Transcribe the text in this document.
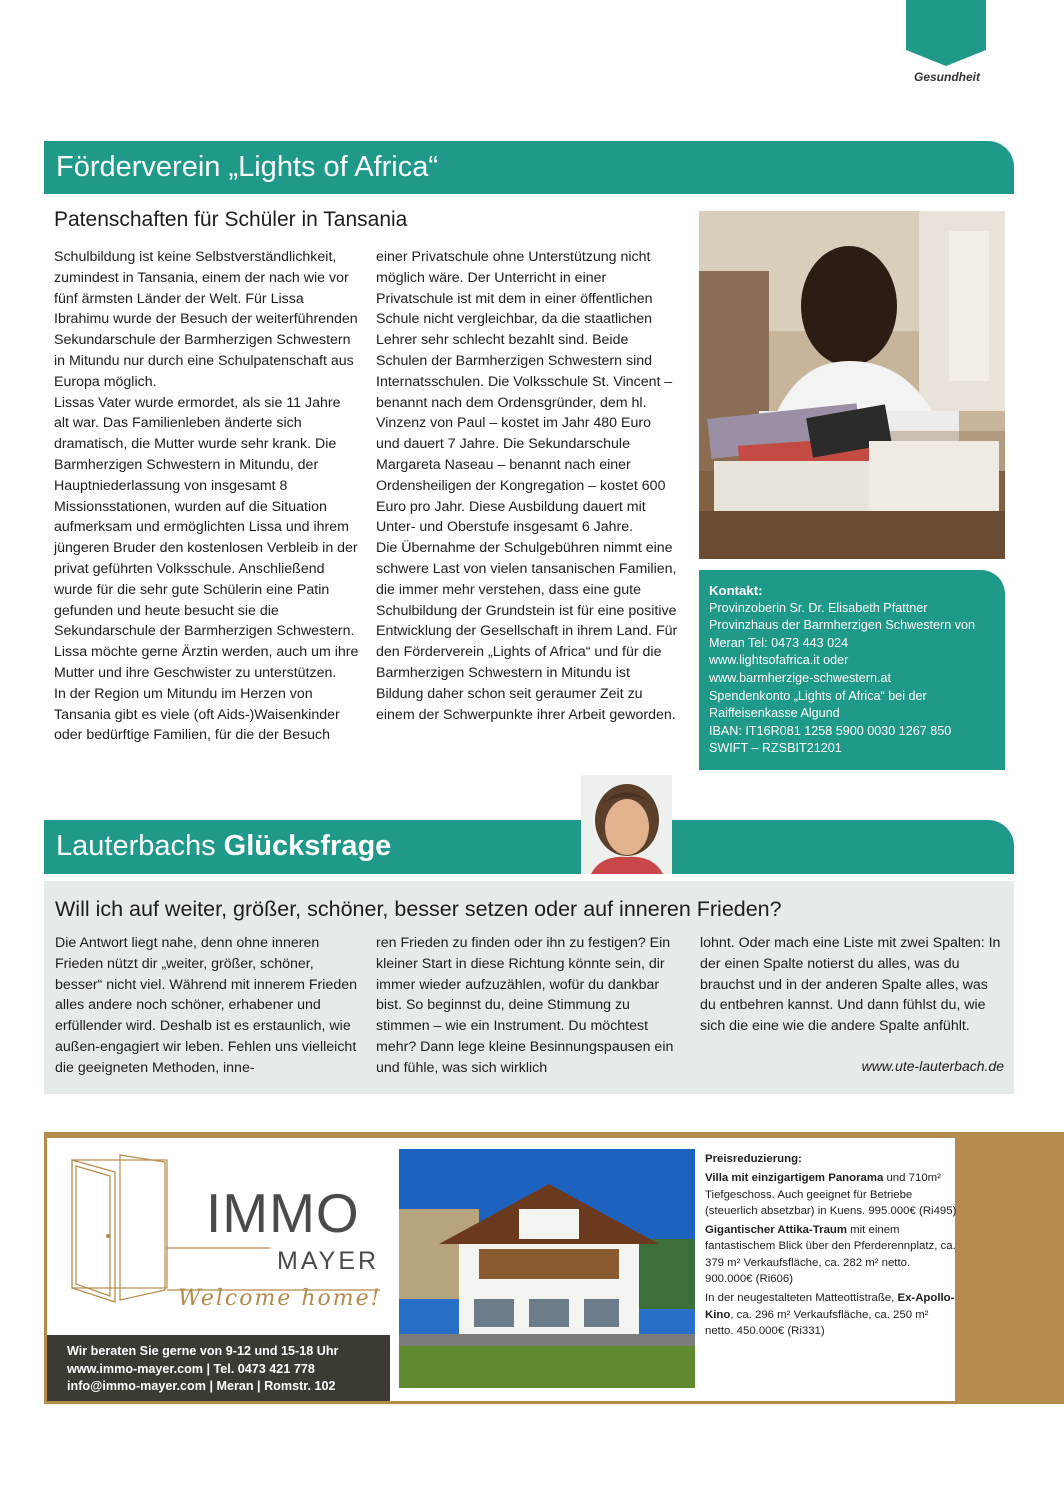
Gesundheit
Förderverein „Lights of Africa“
Patenschaften für Schüler in Tansania

Schulbildung ist keine Selbstverständlichkeit, zumindest in Tansania, einem der nach wie vor fünf ärmsten Länder der Welt. Für Lissa Ibrahimu wurde der Besuch der weiterführenden Sekundarschule der Barmherzigen Schwestern in Mitundu nur durch eine Schulpatenschaft aus Europa möglich.

Lissas Vater wurde ermordet, als sie 11 Jahre alt war. Das Familienleben änderte sich dramatisch, die Mutter wurde sehr krank. Die Barmherzigen Schwestern in Mitundu, der Hauptniederlassung von insgesamt 8 Missionsstationen, wurden auf die Situation aufmerksam und ermöglichten Lissa und ihrem jüngeren Bruder den kostenlosen Verbleib in der privat geführten Volksschule. Anschließend wurde für die sehr gute Schülerin eine Patin gefunden und heute besucht sie die Sekundarschule der Barmherzigen Schwestern. Lissa möchte gerne Ärztin werden, auch um ihre Mutter und ihre Geschwister zu unterstützen.

In der Region um Mitundu im Herzen von Tansania gibt es viele (oft Aids-)Waisenkinder oder bedürftige Familien, für die der Besuch

einer Privatschule ohne Unterstützung nicht möglich wäre. Der Unterricht in einer Privatschule ist mit dem in einer öffentlichen Schule nicht vergleichbar, da die staatlichen Lehrer sehr schlecht bezahlt sind. Beide Schulen der Barmherzigen Schwestern sind Internatsschulen. Die Volksschule St. Vincent – benannt nach dem Ordensgründer, dem hl. Vinzenz von Paul – kostet im Jahr 480 Euro und dauert 7 Jahre. Die Sekundarschule Margareta Naseau – benannt nach einer Ordensheiligen der Kongregation – kostet 600 Euro pro Jahr. Diese Ausbildung dauert mit Unter- und Oberstufe insgesamt 6 Jahre.

Die Übernahme der Schulgebühren nimmt eine schwere Last von vielen tansanischen Familien, die immer mehr verstehen, dass eine gute Schulbildung der Grundstein ist für eine positive Entwicklung der Gesellschaft in ihrem Land. Für den Förderverein „Lights of Africa“ und für die Barmherzigen Schwestern in Mitundu ist Bildung daher schon seit geraumer Zeit zu einem der Schwerpunkte ihrer Arbeit geworden.

Kontakt:
Provinzoberin Sr. Dr. Elisabeth Pfattner
Provinzhaus der Barmherzigen Schwestern von Meran Tel: 0473 443 024
www.lightsofafrica.it oder
www.barmherzige-schwestern.at
Spendenkonto „Lights of Africa“ bei der Raiffeisenkasse Algund
IBAN: IT16R081 1258 5900 0030 1267 850
SWIFT – RZSBIT21201
Lauterbachs Glücksfrage
Will ich auf weiter, größer, schöner, besser setzen oder auf inneren Frieden?
Die Antwort liegt nahe, denn ohne inneren Frieden nützt dir „weiter, größer, schöner, besser“ nicht viel. Während mit innerem Frieden alles andere noch schöner, erhabener und erfüllender wird. Deshalb ist es erstaunlich, wie außen-engagiert wir leben. Fehlen uns vielleicht die geeigneten Methoden, inne-
ren Frieden zu finden oder ihn zu festigen? Ein kleiner Start in diese Richtung könnte sein, dir immer wieder aufzuzählen, wofür du dankbar bist. So beginnst du, deine Stimmung zu stimmen – wie ein Instrument. Du möchtest mehr? Dann lege kleine Besinnungspausen ein und fühle, was sich wirklich
lohnt. Oder mach eine Liste mit zwei Spalten: In der einen Spalte notierst du alles, was du brauchst und in der anderen Spalte alles, was du entbehren kannst. Und dann fühlst du, wie sich die eine wie die andere Spalte anfühlt.
www.ute-lauterbach.de
IMMO
MAYER
Welcome home!
Wir beraten Sie gerne von 9-12 und 15-18 Uhr
www.immo-mayer.com | Tel. 0473 421 778
info@immo-mayer.com | Meran | Romstr. 102

Preisreduzierung:

Villa mit einzigartigem Panorama und 710m² Tiefgeschoss. Auch geeignet für Betriebe (steuerlich absetzbar) in Kuens. 995.000€ (Ri495)

Gigantischer Attika-Traum mit einem fantastischem Blick über den Pferderennplatz, ca. 379 m² Verkaufsfläche, ca. 282 m² netto. 900.000€ (Ri606)

In der neugestalteten Matteottistraße, Ex-Apollo-Kino, ca. 296 m² Verkaufsfläche, ca. 250 m² netto. 450.000€ (Ri331)
